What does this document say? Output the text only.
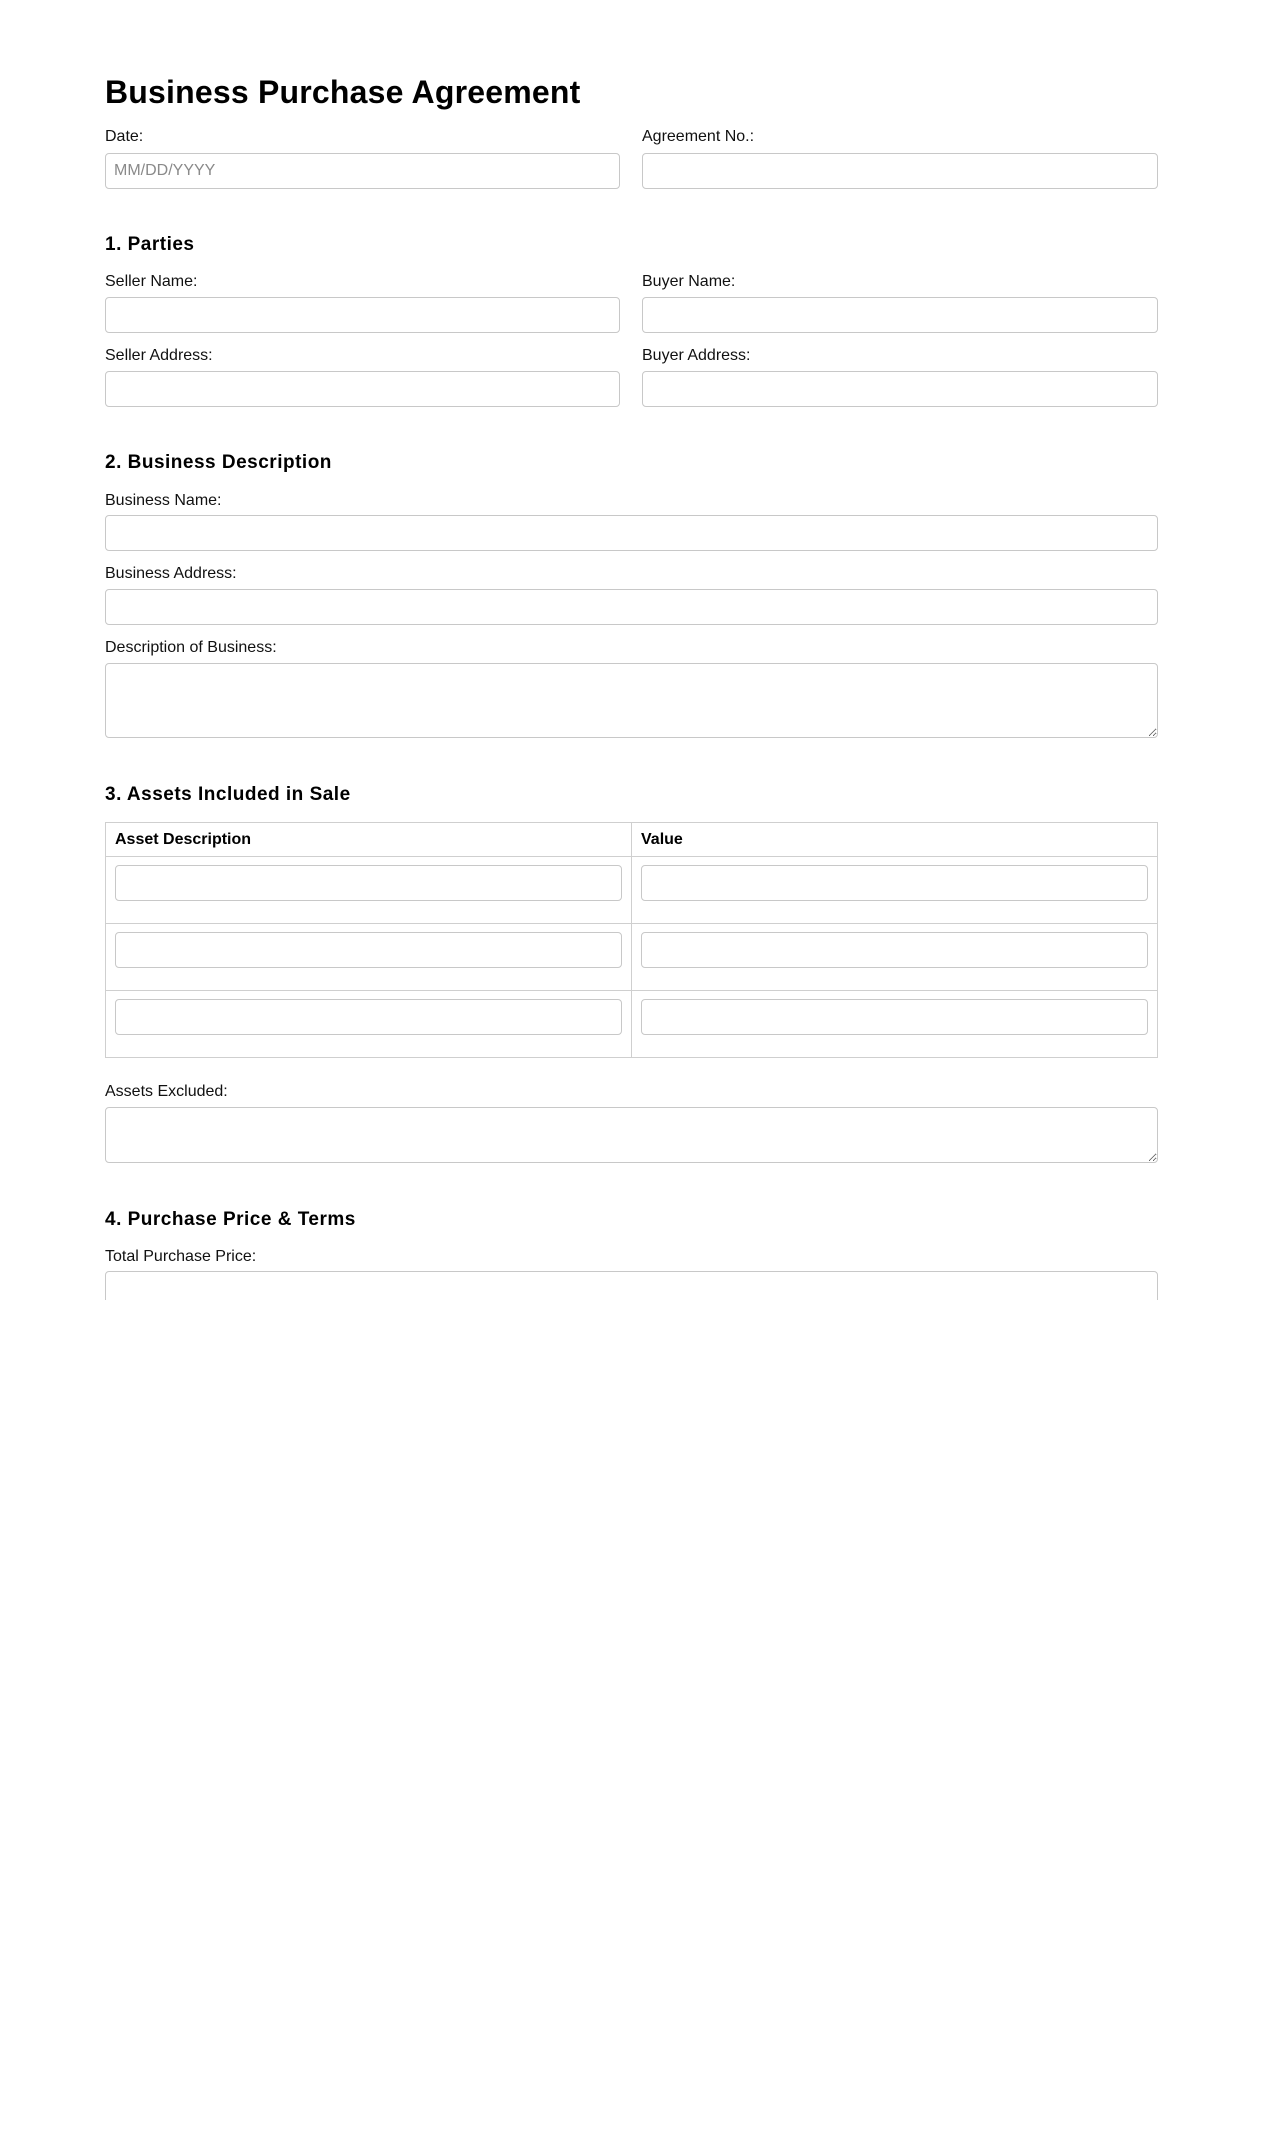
Business Purchase Agreement
Date:
MM/DD/YYYY	Agreement No.:
1. Parties
Seller Name:	Buyer Name:
Seller Address:	Buyer Address:
2. Business Description
Business Name:
Business Address:
Description of Business:
3. Assets Included in Sale
Asset Description	Value

Assets Excluded:
4. Purchase Price & Terms
Total Purchase Price:
